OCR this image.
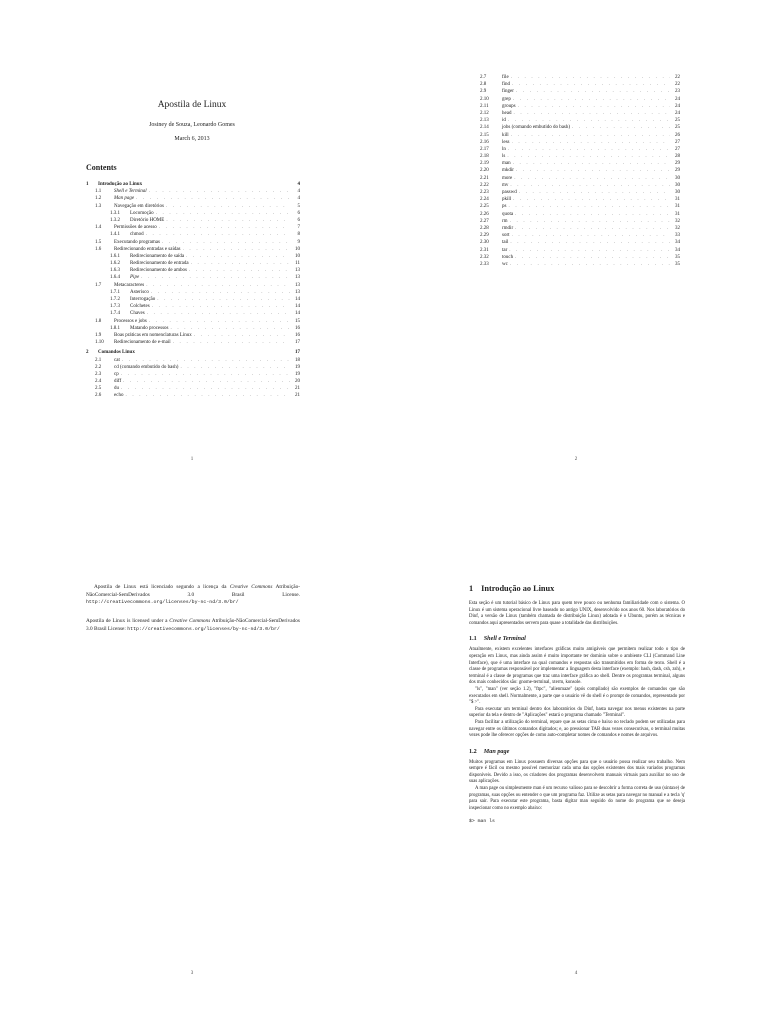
Apostila de Linux
Josiney de Souza, Leonardo Gomes
March 6, 2013
Contents
1	Introdução ao Linux	4
1.1	Shell e Terminal . . .	4
1.2	Man page . . .	4
1.3	Navegação em diretórios . . .	5
1.3.1	Locomoção . . .	6
1.3.2	Diretório HOME . . .	6
1.4	Permissões de acesso . . .	7
1.4.1	chmod . . .	8
1.5	Executando programas . . .	9
1.6	Redirecionando entradas e saídas . . .	10
1.6.1	Redirecionamento de saída . . .	10
1.6.2	Redirecionamento de entrada . . .	11
1.6.3	Redirecionamento de ambos . . .	13
1.6.4	Pipe . . .	13
1.7	Metacaracteres . . .	13
1.7.1	Asterisco . . .	13
1.7.2	Interrogação . . .	14
1.7.3	Colchetes . . .	14
1.7.4	Chaves . . .	14
1.8	Processos e jobs . . .	15
1.8.1	Matando processos . . .	16
1.9	Boas práticas em nomenclaturas Linux . . .	16
1.10	Redirecionamento de e-mail . . .	17
2	Comandos Linux	17
2.1	cat . . .	18
2.2	cd (comando embutido do bash) . . .	19
2.3	cp . . .	19
2.4	diff . . .	20
2.5	du . . .	21
2.6	echo . . .	21
1
2.7	file . . .	22
2.8	find . . .	22
2.9	finger . . .	23
2.10	grep . . .	24
2.11	groups . . .	24
2.12	head . . .	24
2.13	id . . .	25
2.14	jobs (comando embutido do bash) . . .	25
2.15	kill . . .	26
2.16	less . . .	27
2.17	ln . . .	27
2.18	ls . . .	28
2.19	man . . .	29
2.20	mkdir . . .	29
2.21	more . . .	30
2.22	mv . . .	30
2.23	passwd . . .	30
2.24	pkill . . .	31
2.25	ps . . .	31
2.26	quota . . .	31
2.27	rm . . .	32
2.28	rmdir . . .	32
2.29	sort . . .	33
2.30	tail . . .	34
2.31	tar . . .	34
2.32	touch . . .	35
2.33	wc . . .	35
2
Apostila de Linux está licenciado segundo a licença da Creative Commons Atribuição-NãoComercial-SemDerivados 3.0 Brasil License. http://creativecommons.org/licenses/by-nc-nd/3.0/br/
Apostila de Linux is licensed under a Creative Commons Atribuição-NãoComercial-SemDerivados 3.0 Brasil License: http://creativecommons.org/licenses/by-nc-nd/3.0/br/
3
1 Introdução ao Linux

Esta seção é um tutorial básico de Linux para quem teve pouco ou nenhuma familiaridade com o sistema. O Linux é um sistema operacional livre baseado no antigo UNIX, desenvolvido nos anos 60. Nos laboratórios do Dinf, a versão de Linux (também chamada de distribuição Linux) adotada é o Ubuntu, porém as técnicas e comandos aqui apresentados servem para quase a totalidade das distribuições.

1.1 Shell e Terminal

Atualmente, existem excelentes interfaces gráficas muito amigáveis que permitem realizar todo o tipo de operação em Linux, mas ainda assim é muito importante ter domínio sobre o ambiente CLI (Command Line Interface), que é uma interface na qual comandos e respostas são transmitidos em forma de texto. Shell é a classe de programas responsável por implementar a linguagem desta interface (exemplo: bash, dash, csh, zsh), e terminal é a classe de programas que traz uma interface gráfica ao shell. Dentre os programas terminal, alguns dos mais conhecidos são: gnome-terminal, xterm, konsole.

"ls", "man" (ver seção 1.2), "ftpc", "alienmaze" (após compilado) são exemplos de comandos que são executados em shell. Normalmente, a parte que o usuário vê do shell é o prompt de comandos, representado por "$ >".

Para executar um terminal dentro dos laboratórios do Dinf, basta navegar nos menus existentes na parte superior da tela e dentro de "Aplicações" estará o programa chamado "Terminal".

Para facilitar a utilização do terminal, repare que as setas cima e baixo no teclado podem ser utilizadas para navegar entre os últimos comandos digitados; e, ao pressionar TAB duas vezes consecutivas, o terminal muitas vezes pode lhe oferecer opções de como auto-completar nomes de comandos e nomes de arquivos.

1.2 Man page

Muitos programas em Linux possuem diversas opções para que o usuário possa realizar seu trabalho. Nem sempre é fácil ou mesmo possível memorizar cada uma das opções existentes dos mais variados programas disponíveis. Devido a isso, os criadores dos programas desenvolvem manuais virtuais para auxiliar no uso de suas aplicações.

A man page ou simplesmente man é um recurso valioso para se descobrir a forma correta de uso (sintaxe) de programas, suas opções ou entender o que um programa faz. Utilize as setas para navegar no manual e a tecla 'q' para sair. Para executar este programa, basta digitar man seguido do nome do programa que se deseja inspecionar como no exemplo abaixo:

$> man ls
4
